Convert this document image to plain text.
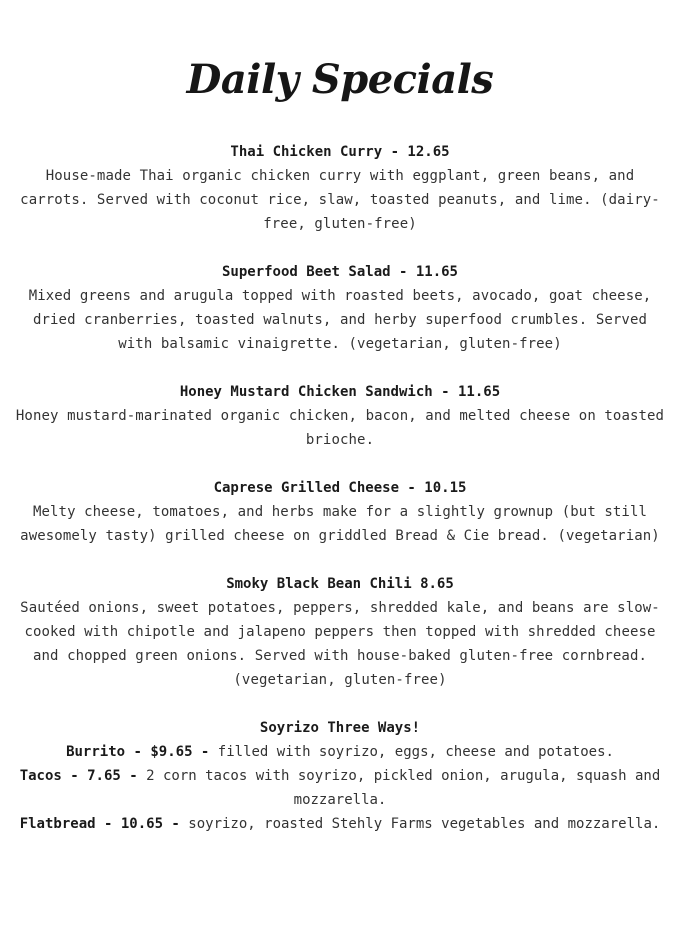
Daily Specials
Thai Chicken Curry - 12.65
House-made Thai organic chicken curry with eggplant, green beans, and carrots. Served with coconut rice, slaw, toasted peanuts, and lime. (dairy-free, gluten-free)
Superfood Beet Salad - 11.65
Mixed greens and arugula topped with roasted beets, avocado, goat cheese, dried cranberries, toasted walnuts, and herby superfood crumbles. Served with balsamic vinaigrette. (vegetarian, gluten-free)
Honey Mustard Chicken Sandwich - 11.65
Honey mustard-marinated organic chicken, bacon, and melted cheese on toasted brioche.
Caprese Grilled Cheese - 10.15
Melty cheese, tomatoes, and herbs make for a slightly grownup (but still awesomely tasty) grilled cheese on griddled Bread & Cie bread. (vegetarian)
Smoky Black Bean Chili 8.65
Sautéed onions, sweet potatoes, peppers, shredded kale, and beans are slow-cooked with chipotle and jalapeno peppers then topped with shredded cheese and chopped green onions. Served with house-baked gluten-free cornbread. (vegetarian, gluten-free)
Soyrizo Three Ways!
Burrito - $9.65 - filled with soyrizo, eggs, cheese and potatoes.
Tacos - 7.65 - 2 corn tacos with soyrizo, pickled onion, arugula, squash and mozzarella.
Flatbread - 10.65 - soyrizo, roasted Stehly Farms vegetables and mozzarella.
